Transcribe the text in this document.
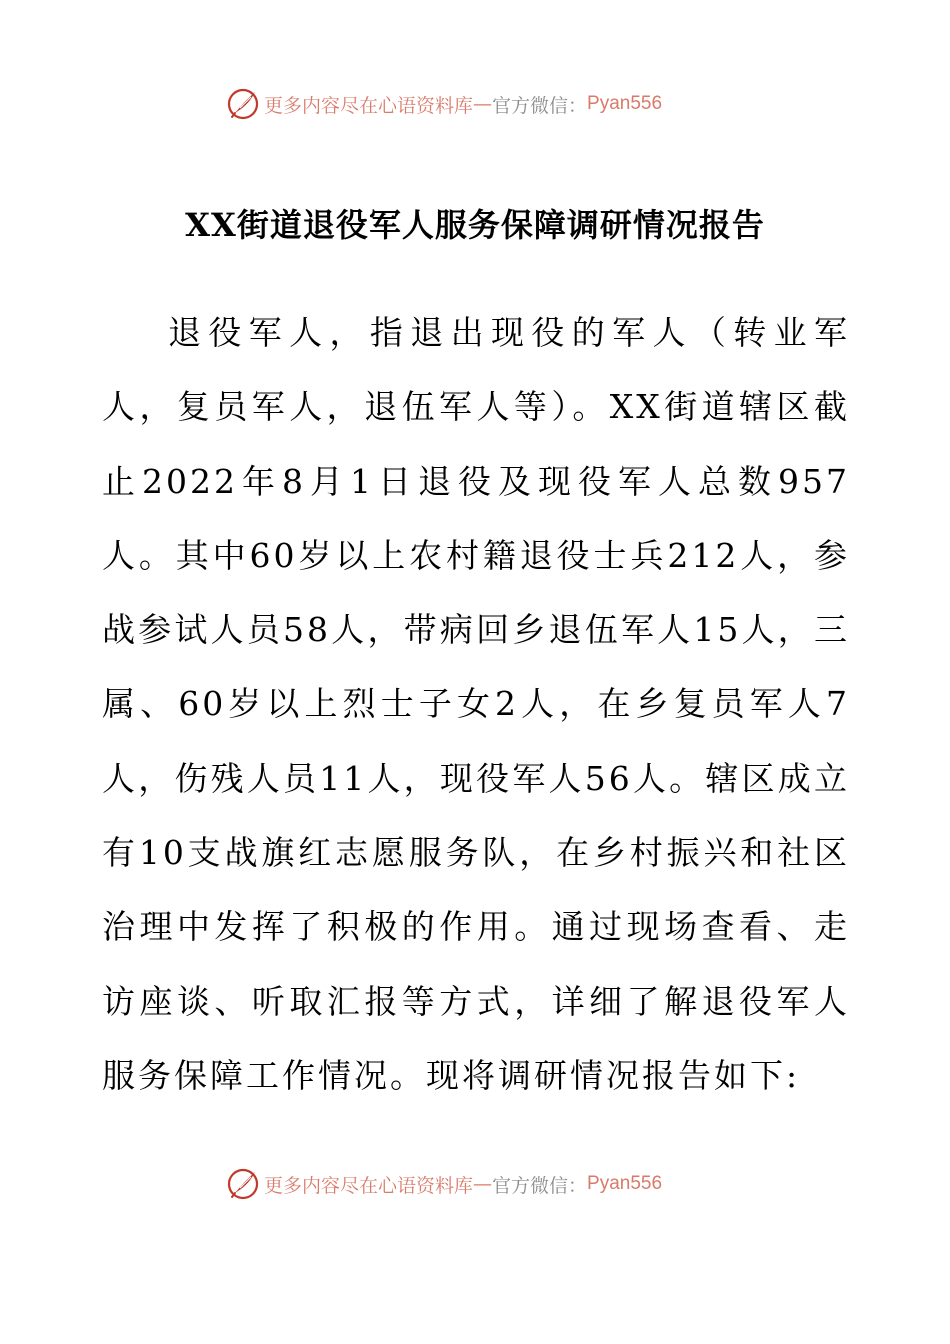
更多内容尽在心语资料库 — 官方微信： Pyan556
XX街道退役军人服务保障调研情况报告

退役军人，指退出现役的军人（转业军人，复员军人，退伍军人等）。XX街道辖区截止2022年8月1日退役及现役军人总数957人。其中60岁以上农村籍退役士兵212人，参战参试人员58人，带病回乡退伍军人15人，三属、60岁以上烈士子女2人，在乡复员军人7人，伤残人员11人，现役军人56人。辖区成立有10支战旗红志愿服务队，在乡村振兴和社区治理中发挥了积极的作用。通过现场查看、走访座谈、听取汇报等方式，详细了解退役军人服务保障工作情况。现将调研情况报告如下:

更多内容尽在心语资料库 — 官方微信： Pyan556
